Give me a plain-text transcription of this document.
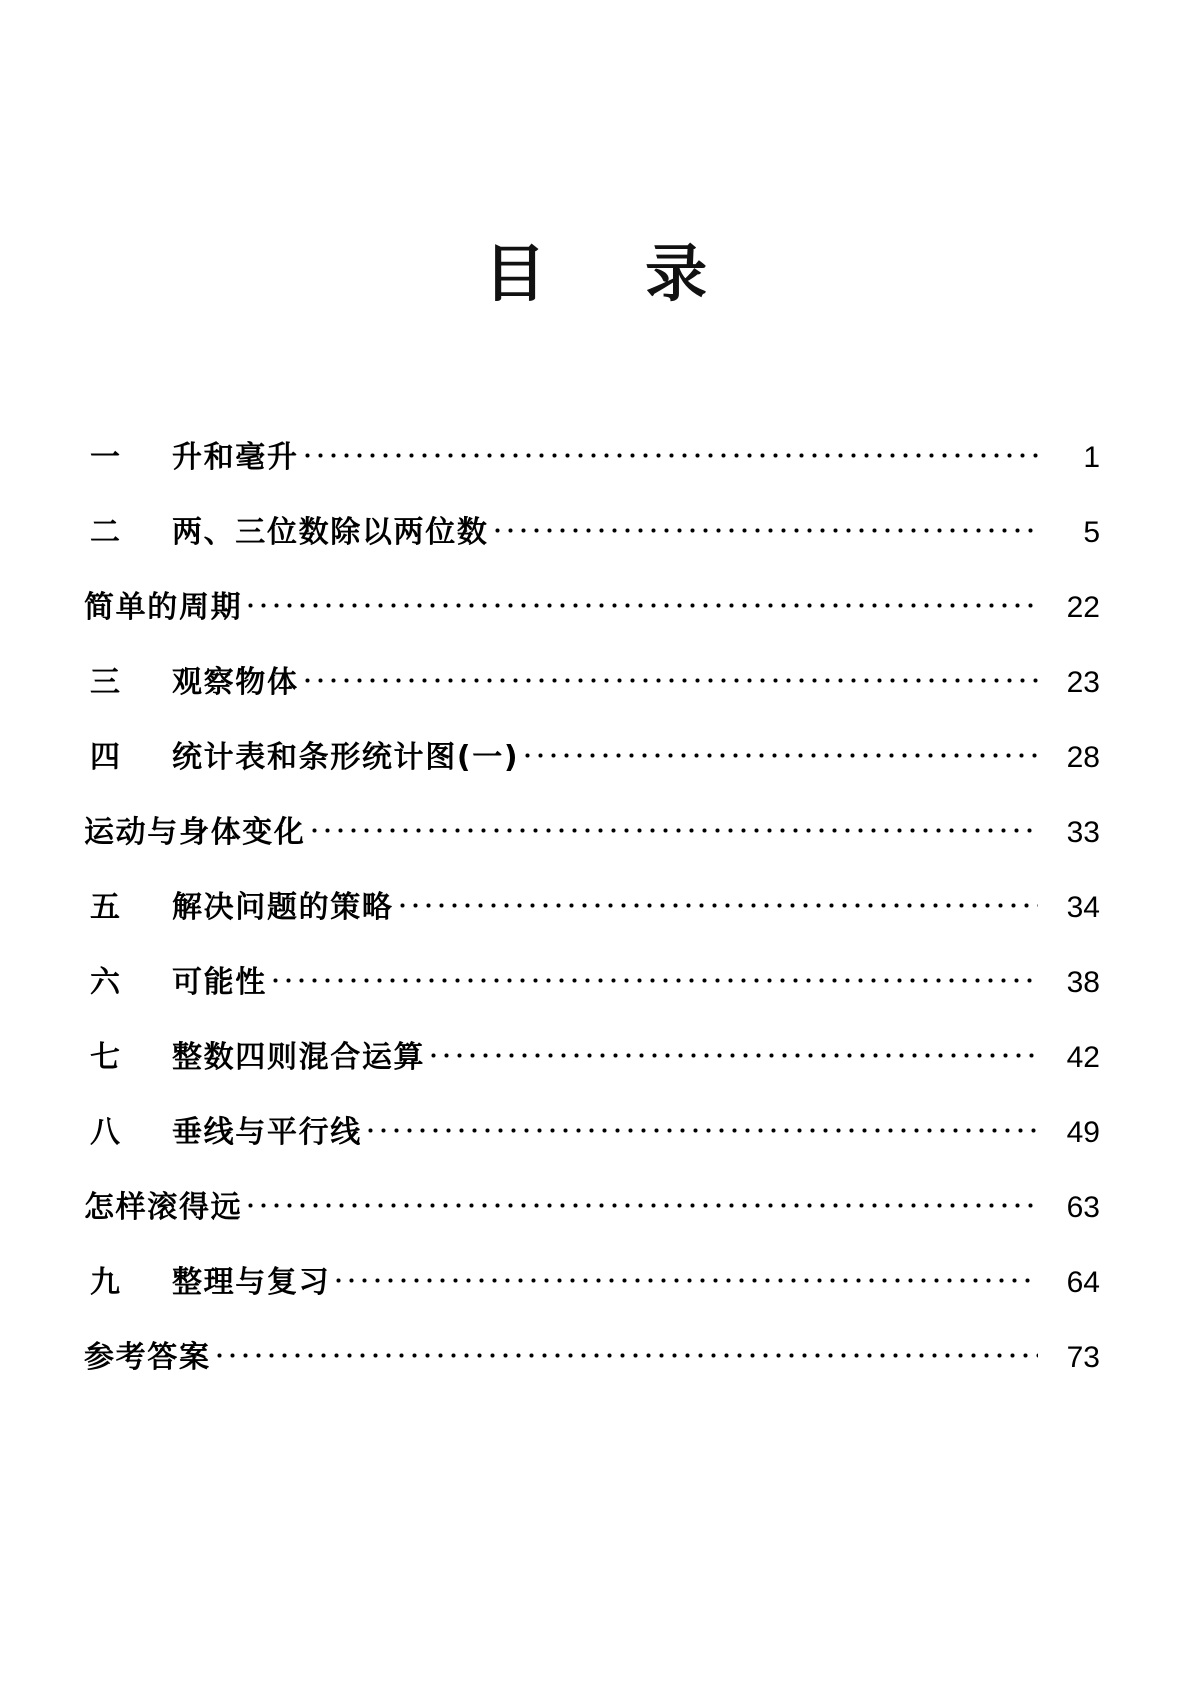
目　录
一	升和毫升	1
二	两、三位数除以两位数	5
简单的周期	22
三	观察物体	23
四	统计表和条形统计图(一)	28
运动与身体变化	33
五	解决问题的策略	34
六	可能性	38
七	整数四则混合运算	42
八	垂线与平行线	49
怎样滚得远	63
九	整理与复习	64
参考答案	73
